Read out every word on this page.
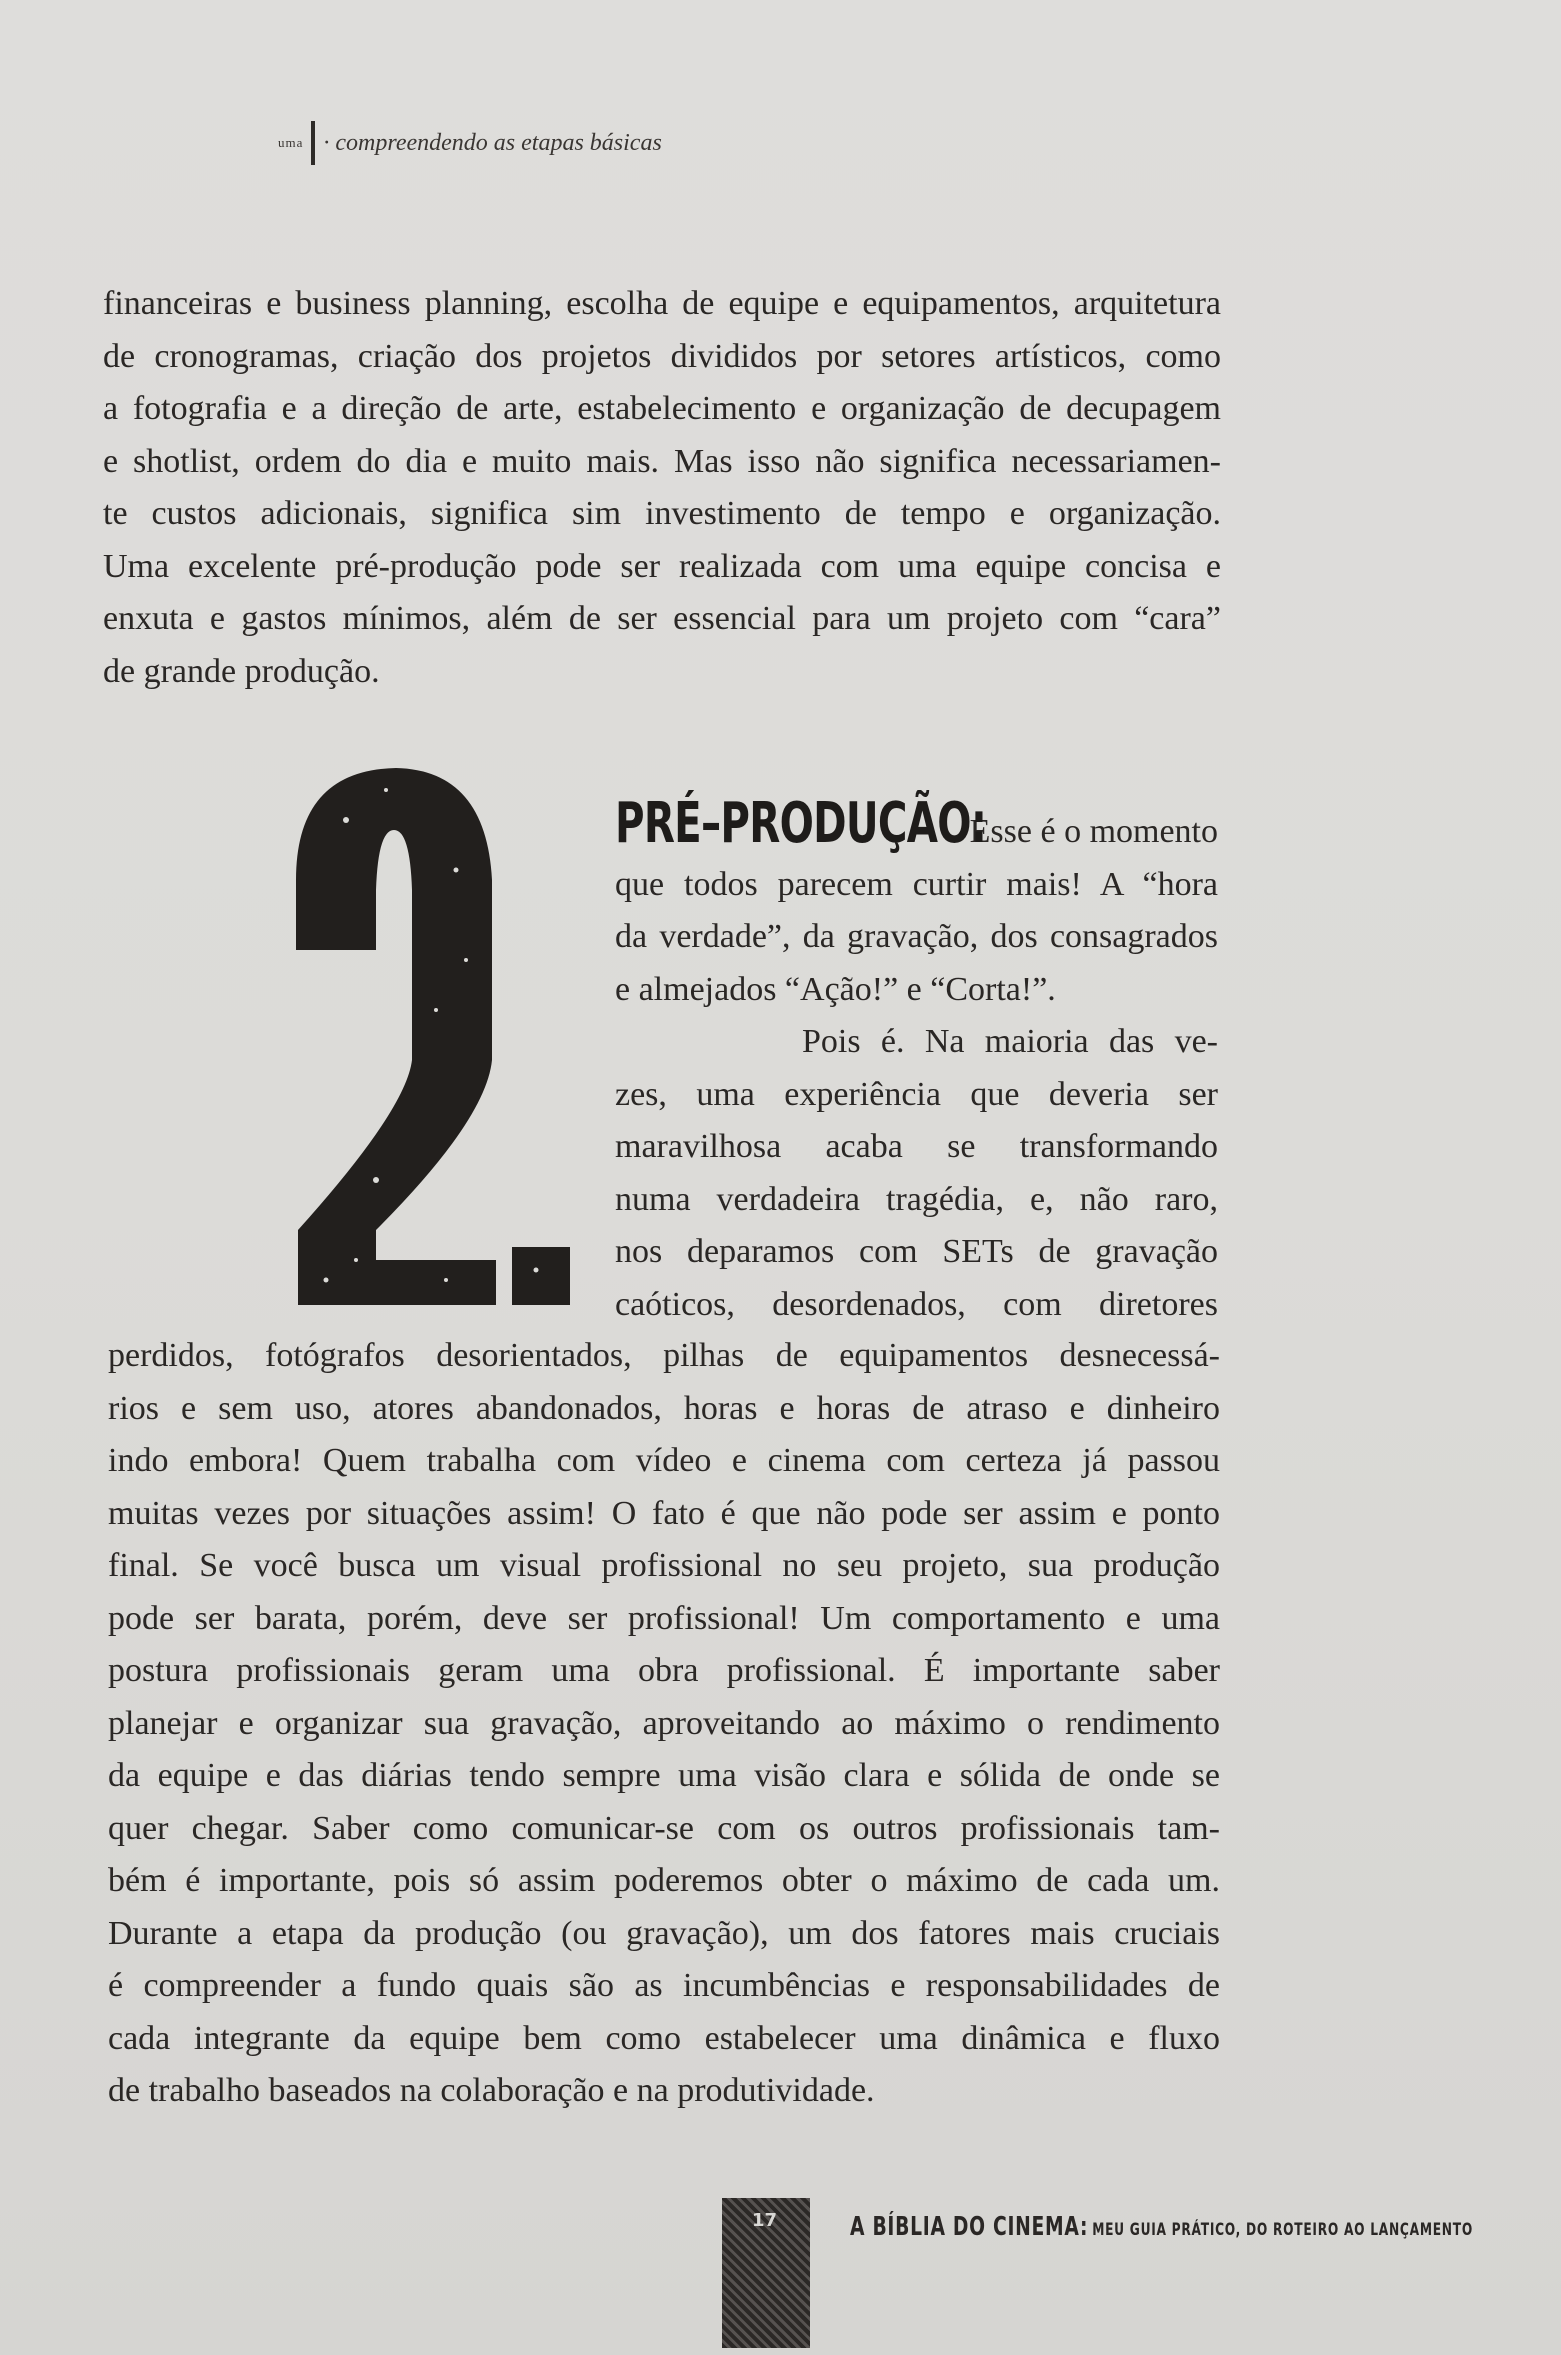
uma · compreendendo as etapas básicas
financeiras e business planning, escolha de equipe e equipamentos, arquitetura
de cronogramas, criação dos projetos divididos por setores artísticos, como
a fotografia e a direção de arte, estabelecimento e organização de decupagem
e shotlist, ordem do dia e muito mais. Mas isso não significa necessariamen-
te custos adicionais, significa sim investimento de tempo e organização.
Uma excelente pré-produção pode ser realizada com uma equipe concisa e
enxuta e gastos mínimos, além de ser essencial para um projeto com “cara”
de grande produção.
PRÉ–PRODUÇÃO:
Esse é o momento
que todos parecem curtir mais! A “hora
da verdade”, da gravação, dos consagrados
e almejados “Ação!” e “Corta!”.
Pois é. Na maioria das ve-
zes, uma experiência que deveria ser
maravilhosa acaba se transformando
numa verdadeira tragédia, e, não raro,
nos deparamos com SETs de gravação
caóticos, desordenados, com diretores
perdidos, fotógrafos desorientados, pilhas de equipamentos desnecessá-
rios e sem uso, atores abandonados, horas e horas de atraso e dinheiro
indo embora! Quem trabalha com vídeo e cinema com certeza já passou
muitas vezes por situações assim! O fato é que não pode ser assim e ponto
final. Se você busca um visual profissional no seu projeto, sua produção
pode ser barata, porém, deve ser profissional! Um comportamento e uma
postura profissionais geram uma obra profissional. É importante saber
planejar e organizar sua gravação, aproveitando ao máximo o rendimento
da equipe e das diárias tendo sempre uma visão clara e sólida de onde se
quer chegar. Saber como comunicar-se com os outros profissionais tam-
bém é importante, pois só assim poderemos obter o máximo de cada um.
Durante a etapa da produção (ou gravação), um dos fatores mais cruciais
é compreender a fundo quais são as incumbências e responsabilidades de
cada integrante da equipe bem como estabelecer uma dinâmica e fluxo
de trabalho baseados na colaboração e na produtividade.
17	A BÍBLIA DO CINEMA: MEU GUIA PRÁTICO, DO ROTEIRO AO LANÇAMENTO
